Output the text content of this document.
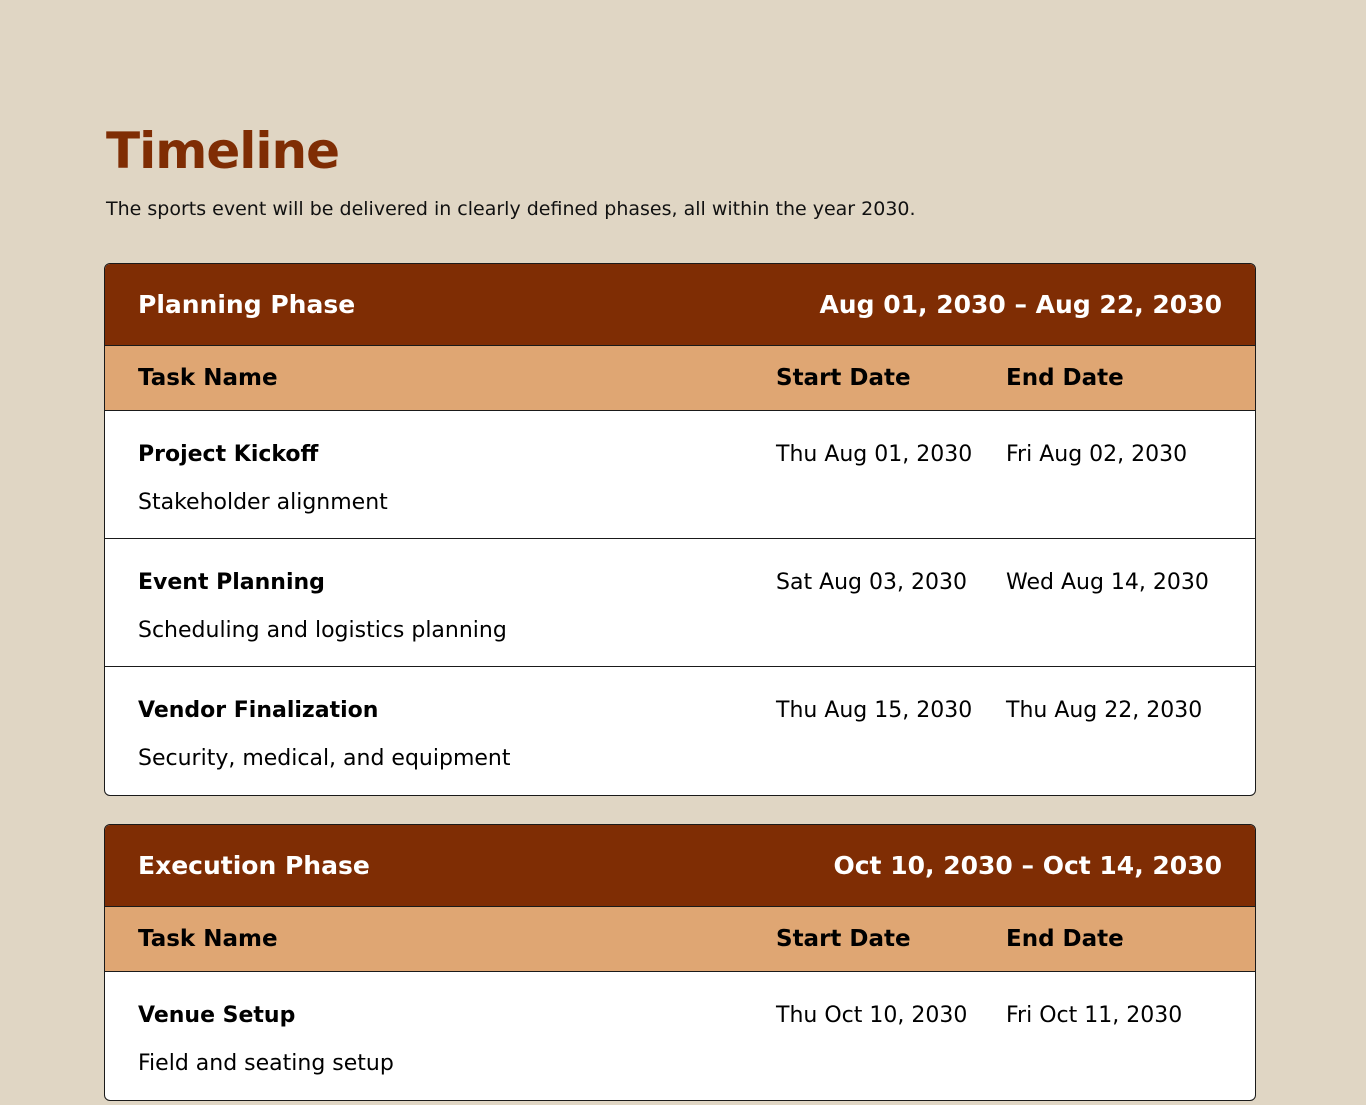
Timeline

The sports event will be delivered in clearly defined phases, all within the year 2030.

Planning Phase	Aug 01, 2030 – Aug 22, 2030
Task Name	Start Date	End Date
Project Kickoff	Thu Aug 01, 2030	Fri Aug 02, 2030
Stakeholder alignment
Event Planning	Sat Aug 03, 2030	Wed Aug 14, 2030
Scheduling and logistics planning
Vendor Finalization	Thu Aug 15, 2030	Thu Aug 22, 2030
Security, medical, and equipment
Execution Phase	Oct 10, 2030 – Oct 14, 2030
Task Name	Start Date	End Date
Venue Setup	Thu Oct 10, 2030	Fri Oct 11, 2030
Field and seating setup
